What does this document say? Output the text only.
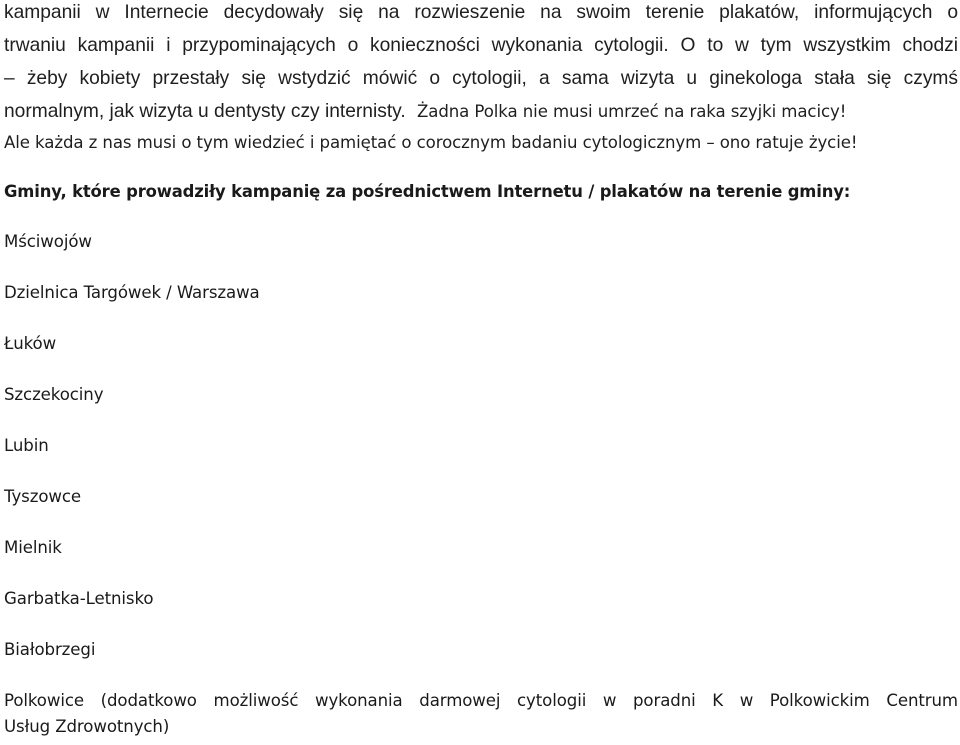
kampanii w Internecie decydowały się na rozwieszenie na swoim terenie plakatów, informujących o
trwaniu kampanii i przypominających o konieczności wykonania cytologii. O to w tym wszystkim chodzi
– żeby kobiety przestały się wstydzić mówić o cytologii, a sama wizyta u ginekologa stała się czymś
normalnym, jak wizyta u dentysty czy internisty. Żadna Polka nie musi umrzeć na raka szyjki macicy!
Ale każda z nas musi o tym wiedzieć i pamiętać o corocznym badaniu cytologicznym – ono ratuje życie!
Gminy, które prowadziły kampanię za pośrednictwem Internetu / plakatów na terenie gminy:
Mściwojów
Dzielnica Targówek / Warszawa
Łuków
Szczekociny
Lubin
Tyszowce
Mielnik
Garbatka-Letnisko
Białobrzegi
Polkowice (dodatkowo możliwość wykonania darmowej cytologii w poradni K w Polkowickim Centrum
Usług Zdrowotnych)
